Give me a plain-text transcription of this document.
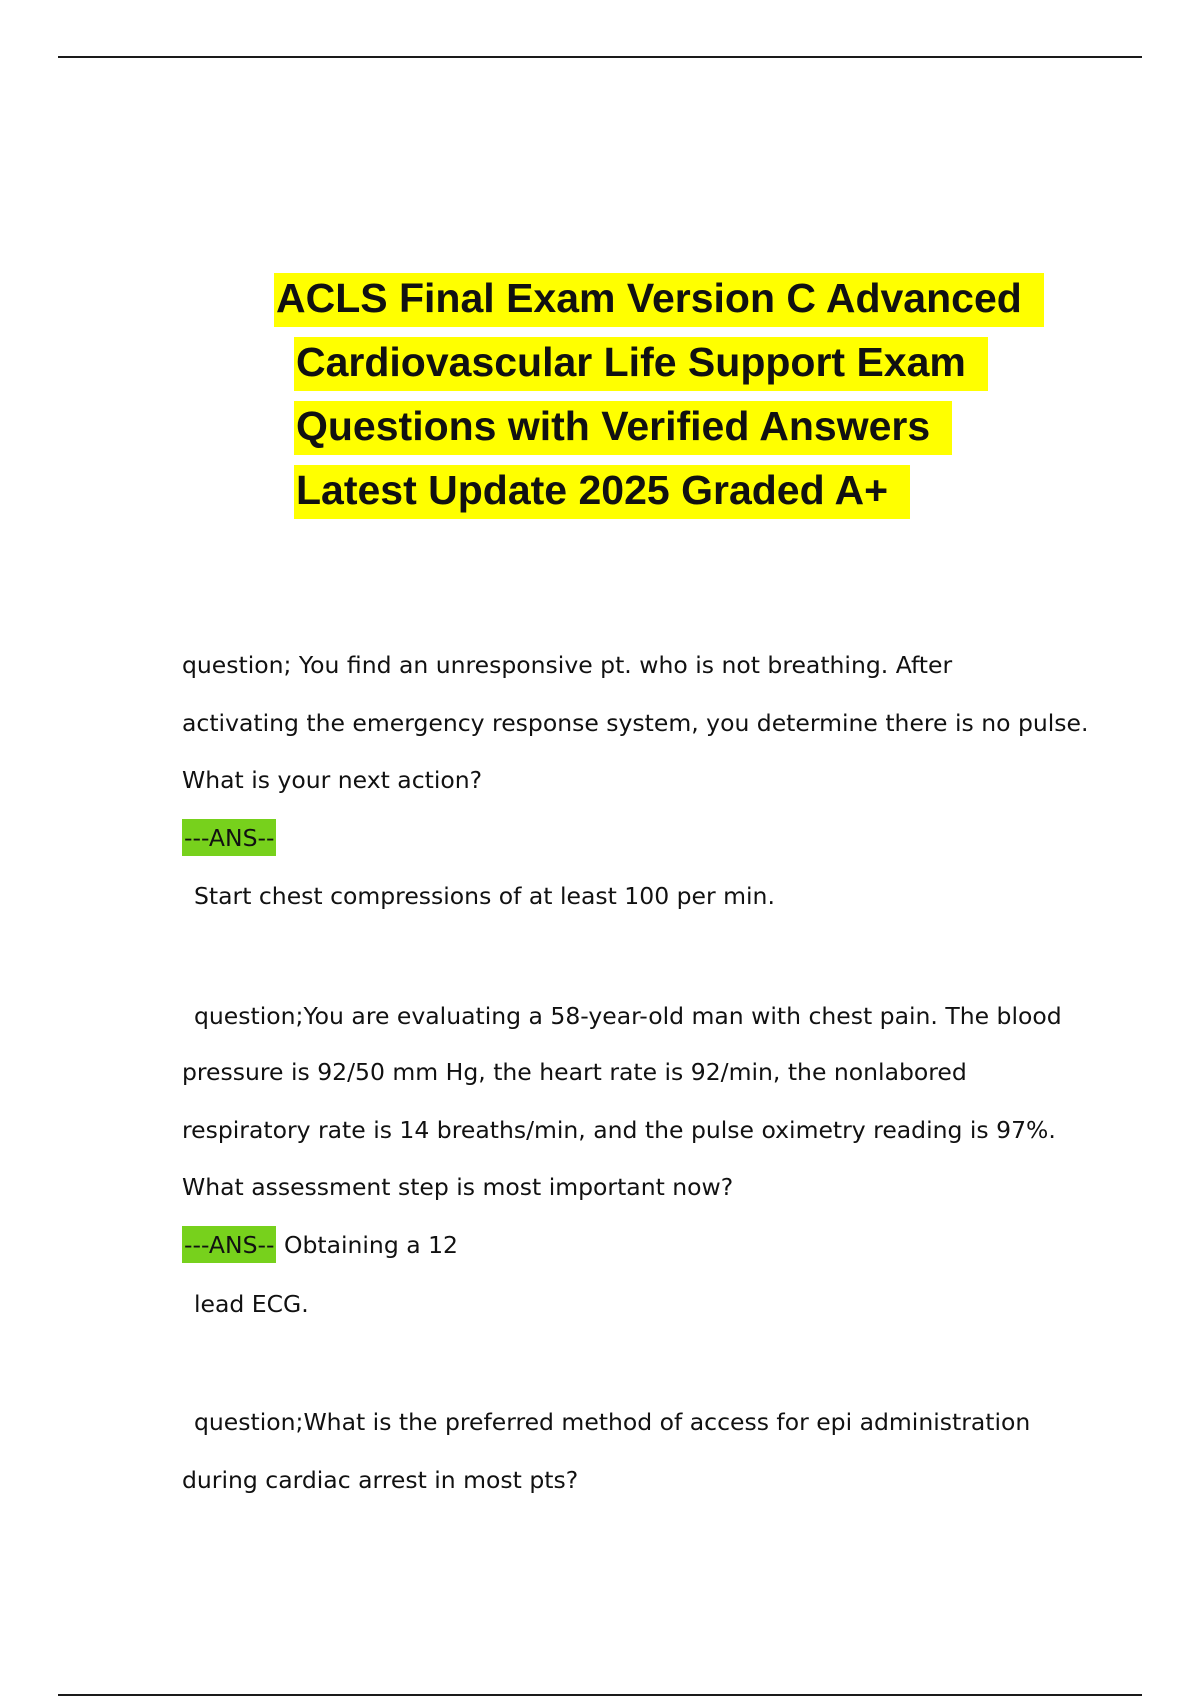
ACLS Final Exam Version C Advanced
Cardiovascular Life Support Exam
Questions with Verified Answers
Latest Update 2025 Graded A+
question; You find an unresponsive pt. who is not breathing. After
activating the emergency response system, you determine there is no pulse.
What is your next action?
---ANS--
Start chest compressions of at least 100 per min.
question;You are evaluating a 58-year-old man with chest pain. The blood
pressure is 92/50 mm Hg, the heart rate is 92/min, the nonlabored
respiratory rate is 14 breaths/min, and the pulse oximetry reading is 97%.
What assessment step is most important now?
---ANS-- Obtaining a 12
lead ECG.
question;What is the preferred method of access for epi administration
during cardiac arrest in most pts?
